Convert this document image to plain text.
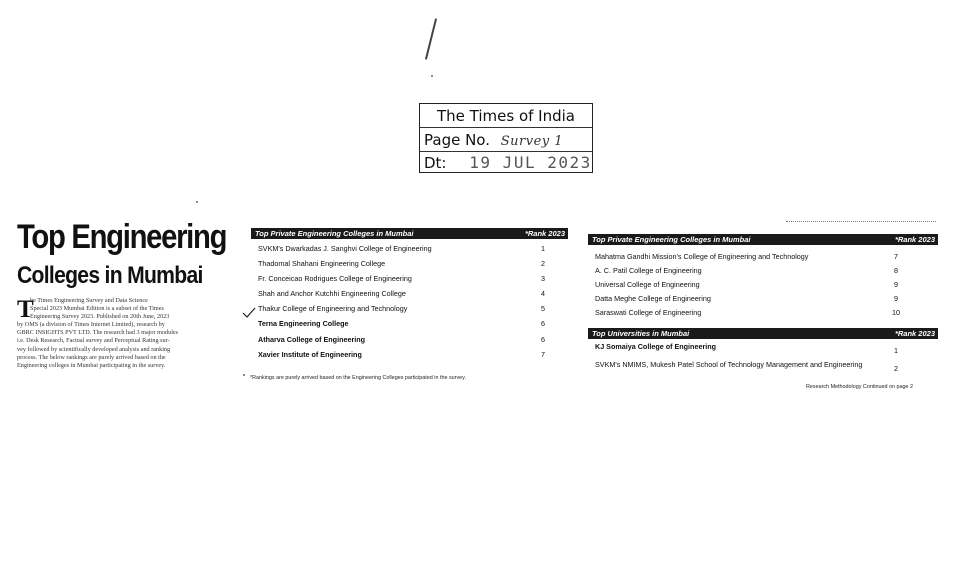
The Times of India
Page No. Survey 1
Dt: 19 JUL 2023
Top Engineering
Colleges in Mumbai
T
he Times Engineering Survey and Data Science
Special 2023 Mumbai Edition is a subset of the Times
Engineering Survey 2023. Published on 20th June, 2023
by OMS (a division of Times Internet Limited), research by
GBRC INSIGHTS PVT LTD. The research had 3 major modules
i.e. Desk Research, Factual survey and Perceptual Rating sur-
vey followed by scientifically developed analysis and ranking
process. The below rankings are purely arrived based on the
Engineering colleges in Mumbai participating in the survey.
Top Private Engineering Colleges in Mumbai	*Rank 2023
SVKM's Dwarkadas J. Sanghvi College of Engineering	1
Thadomal Shahani Engineering College	2
Fr. Conceicao Rodrigues College of Engineering	3
Shah and Anchor Kutchhi Engineering College	4
Thakur College of Engineering and Technology	5
Terna Engineering College	6
Atharva College of Engineering	6
Xavier Institute of Engineering	7
*Rankings are purely arrived based on the Engineering Colleges participated in the survey.
Top Private Engineering Colleges in Mumbai	*Rank 2023
Mahatma Gandhi Mission's College of Engineering and Technology	7
A. C. Patil College of Engineering	8
Universal College of Engineering	9
Datta Meghe College of Engineering	9
Saraswati College of Engineering	10
Top Universities in Mumbai	*Rank 2023
KJ Somaiya College of Engineering	1
SVKM's NMIMS, Mukesh Patel School of Technology Management and Engineering	2
Research Methodology Continued on page 2
